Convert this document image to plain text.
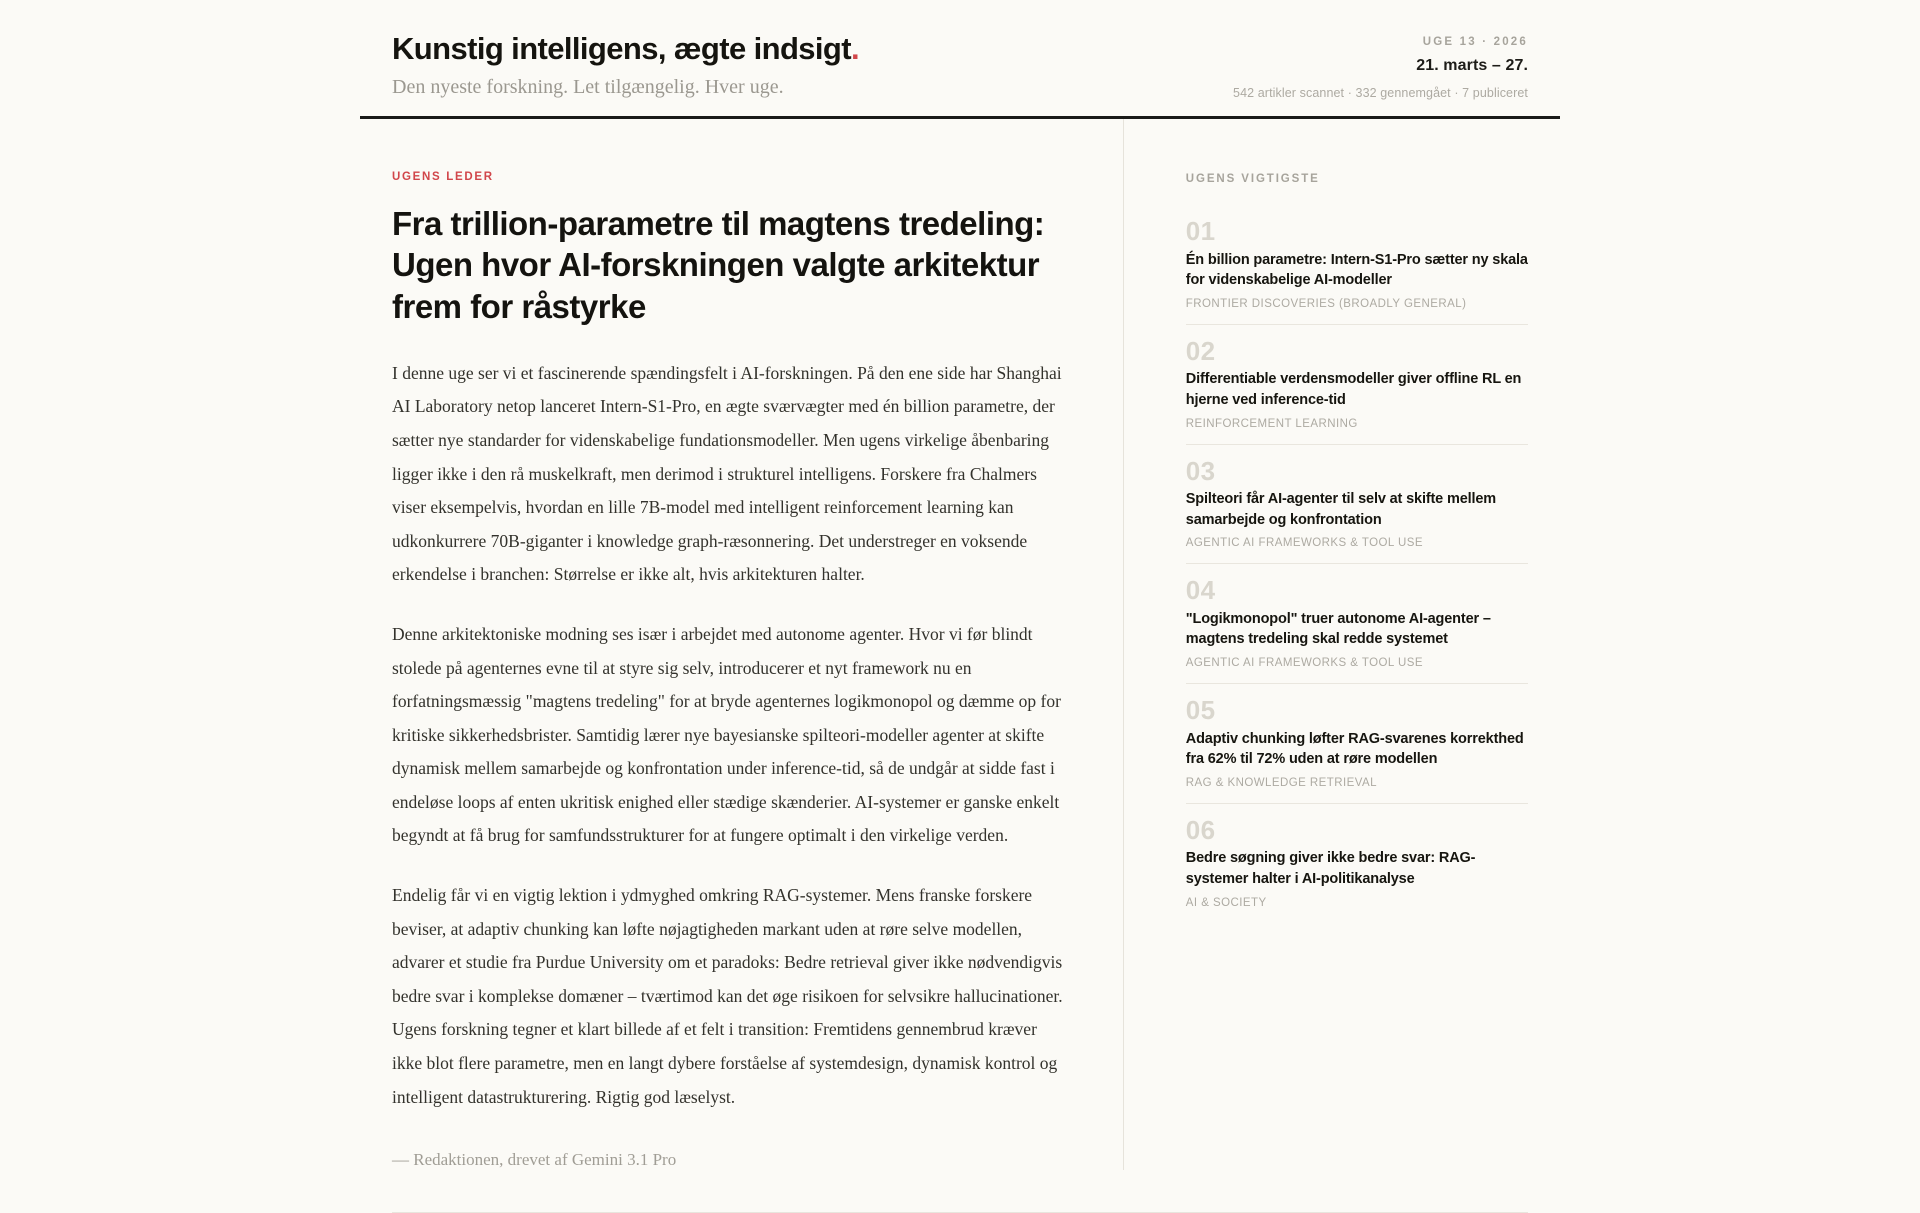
Kunstig intelligens, ægte indsigt.

Den nyeste forskning. Let tilgængelig. Hver uge.

UGE 13 · 2026
21. marts – 27.
542 artikler scannet · 332 gennemgået · 7 publiceret
UGENS LEDER
Fra trillion-parametre til magtens tredeling: Ugen hvor AI-forskningen valgte arkitektur frem for råstyrke

I denne uge ser vi et fascinerende spændingsfelt i AI-forskningen. På den ene side har Shanghai AI Laboratory netop lanceret Intern-S1-Pro, en ægte sværvægter med én billion parametre, der sætter nye standarder for videnskabelige fundationsmodeller. Men ugens virkelige åbenbaring ligger ikke i den rå muskelkraft, men derimod i strukturel intelligens. Forskere fra Chalmers viser eksempelvis, hvordan en lille 7B-model med intelligent reinforcement learning kan udkonkurrere 70B-giganter i knowledge graph-ræsonnering. Det understreger en voksende erkendelse i branchen: Størrelse er ikke alt, hvis arkitekturen halter.

Denne arkitektoniske modning ses især i arbejdet med autonome agenter. Hvor vi før blindt stolede på agenternes evne til at styre sig selv, introducerer et nyt framework nu en forfatningsmæssig "magtens tredeling" for at bryde agenternes logikmonopol og dæmme op for kritiske sikkerhedsbrister. Samtidig lærer nye bayesianske spilteori-modeller agenter at skifte dynamisk mellem samarbejde og konfrontation under inference-tid, så de undgår at sidde fast i endeløse loops af enten ukritisk enighed eller stædige skænderier. AI-systemer er ganske enkelt begyndt at få brug for samfundsstrukturer for at fungere optimalt i den virkelige verden.

Endelig får vi en vigtig lektion i ydmyghed omkring RAG-systemer. Mens franske forskere beviser, at adaptiv chunking kan løfte nøjagtigheden markant uden at røre selve modellen, advarer et studie fra Purdue University om et paradoks: Bedre retrieval giver ikke nødvendigvis bedre svar i komplekse domæner – tværtimod kan det øge risikoen for selvsikre hallucinationer. Ugens forskning tegner et klart billede af et felt i transition: Fremtidens gennembrud kræver ikke blot flere parametre, men en langt dybere forståelse af systemdesign, dynamisk kontrol og intelligent datastrukturering. Rigtig god læselyst.

— Redaktionen, drevet af Gemini 3.1 Pro
UGENS VIGTIGSTE
01
Én billion parametre: Intern-S1-Pro sætter ny skala for videnskabelige AI-modeller
FRONTIER DISCOVERIES (BROADLY GENERAL)
02
Differentiable verdensmodeller giver offline RL en hjerne ved inference-tid
REINFORCEMENT LEARNING
03
Spilteori får AI-agenter til selv at skifte mellem samarbejde og konfrontation
AGENTIC AI FRAMEWORKS & TOOL USE
04
"Logikmonopol" truer autonome AI-agenter – magtens tredeling skal redde systemet
AGENTIC AI FRAMEWORKS & TOOL USE
05
Adaptiv chunking løfter RAG-svarenes korrekthed fra 62% til 72% uden at røre modellen
RAG & KNOWLEDGE RETRIEVAL
06
Bedre søgning giver ikke bedre svar: RAG-systemer halter i AI-politikanalyse
AI & SOCIETY
